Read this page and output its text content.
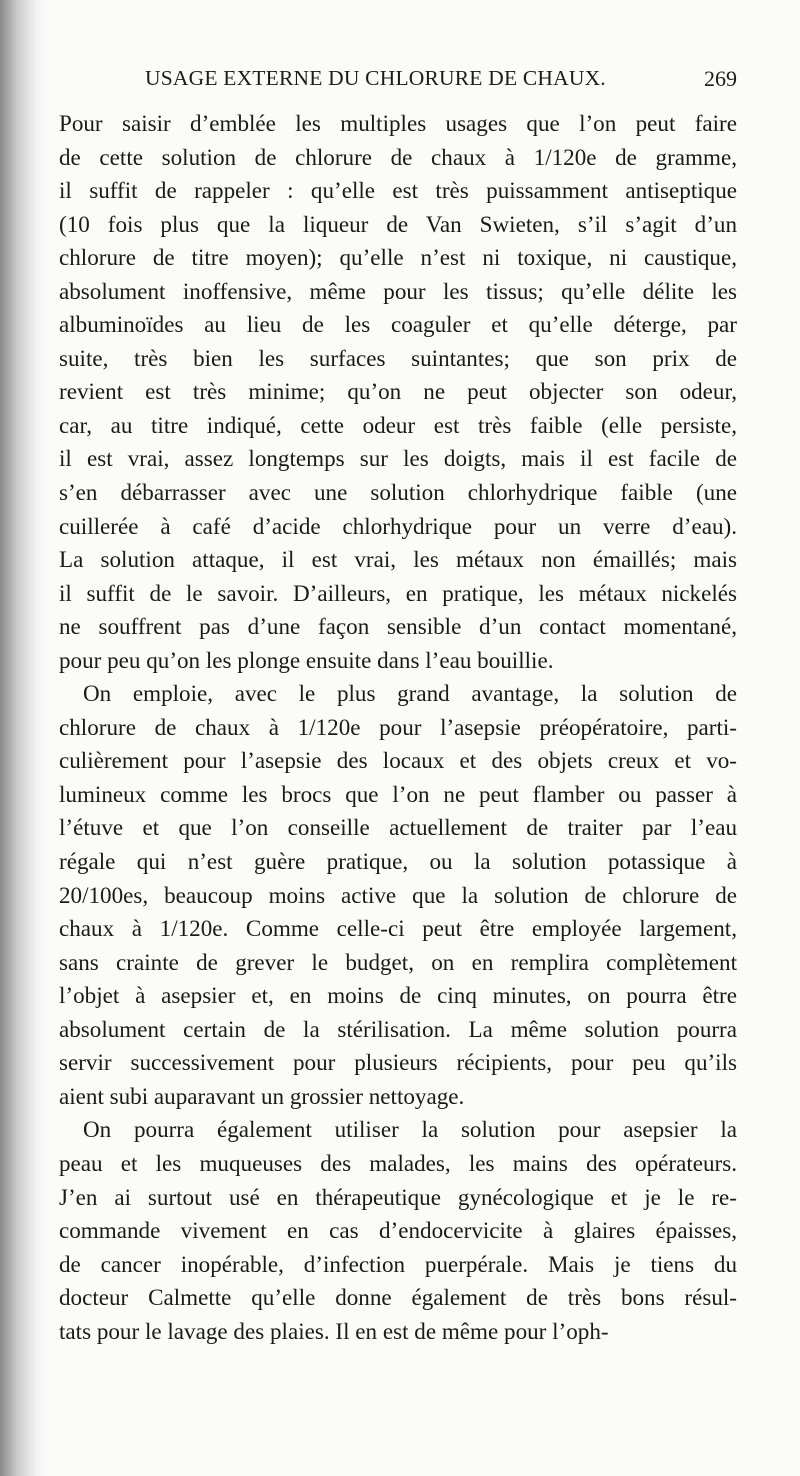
USAGE EXTERNE DU CHLORURE DE CHAUX.	269
Pour saisir d’emblée les multiples usages que l’on peut faire
de cette solution de chlorure de chaux à 1/120e de gramme,
il suffit de rappeler : qu’elle est très puissamment antiseptique
(10 fois plus que la liqueur de Van Swieten, s’il s’agit d’un
chlorure de titre moyen); qu’elle n’est ni toxique, ni caustique,
absolument inoffensive, même pour les tissus; qu’elle délite les
albuminoïdes au lieu de les coaguler et qu’elle déterge, par
suite, très bien les surfaces suintantes; que son prix de
revient est très minime; qu’on ne peut objecter son odeur,
car, au titre indiqué, cette odeur est très faible (elle persiste,
il est vrai, assez longtemps sur les doigts, mais il est facile de
s’en débarrasser avec une solution chlorhydrique faible (une
cuillerée à café d’acide chlorhydrique pour un verre d’eau).
La solution attaque, il est vrai, les métaux non émaillés; mais
il suffit de le savoir. D’ailleurs, en pratique, les métaux nickelés
ne souffrent pas d’une façon sensible d’un contact momentané,
pour peu qu’on les plonge ensuite dans l’eau bouillie.
On emploie, avec le plus grand avantage, la solution de
chlorure de chaux à 1/120e pour l’asepsie préopératoire, parti-
culièrement pour l’asepsie des locaux et des objets creux et vo-
lumineux comme les brocs que l’on ne peut flamber ou passer à
l’étuve et que l’on conseille actuellement de traiter par l’eau
régale qui n’est guère pratique, ou la solution potassique à
20/100es, beaucoup moins active que la solution de chlorure de
chaux à 1/120e. Comme celle-ci peut être employée largement,
sans crainte de grever le budget, on en remplira complètement
l’objet à asepsier et, en moins de cinq minutes, on pourra être
absolument certain de la stérilisation. La même solution pourra
servir successivement pour plusieurs récipients, pour peu qu’ils
aient subi auparavant un grossier nettoyage.
On pourra également utiliser la solution pour asepsier la
peau et les muqueuses des malades, les mains des opérateurs.
J’en ai surtout usé en thérapeutique gynécologique et je le re-
commande vivement en cas d’endocervicite à glaires épaisses,
de cancer inopérable, d’infection puerpérale. Mais je tiens du
docteur Calmette qu’elle donne également de très bons résul-
tats pour le lavage des plaies. Il en est de même pour l’oph-
